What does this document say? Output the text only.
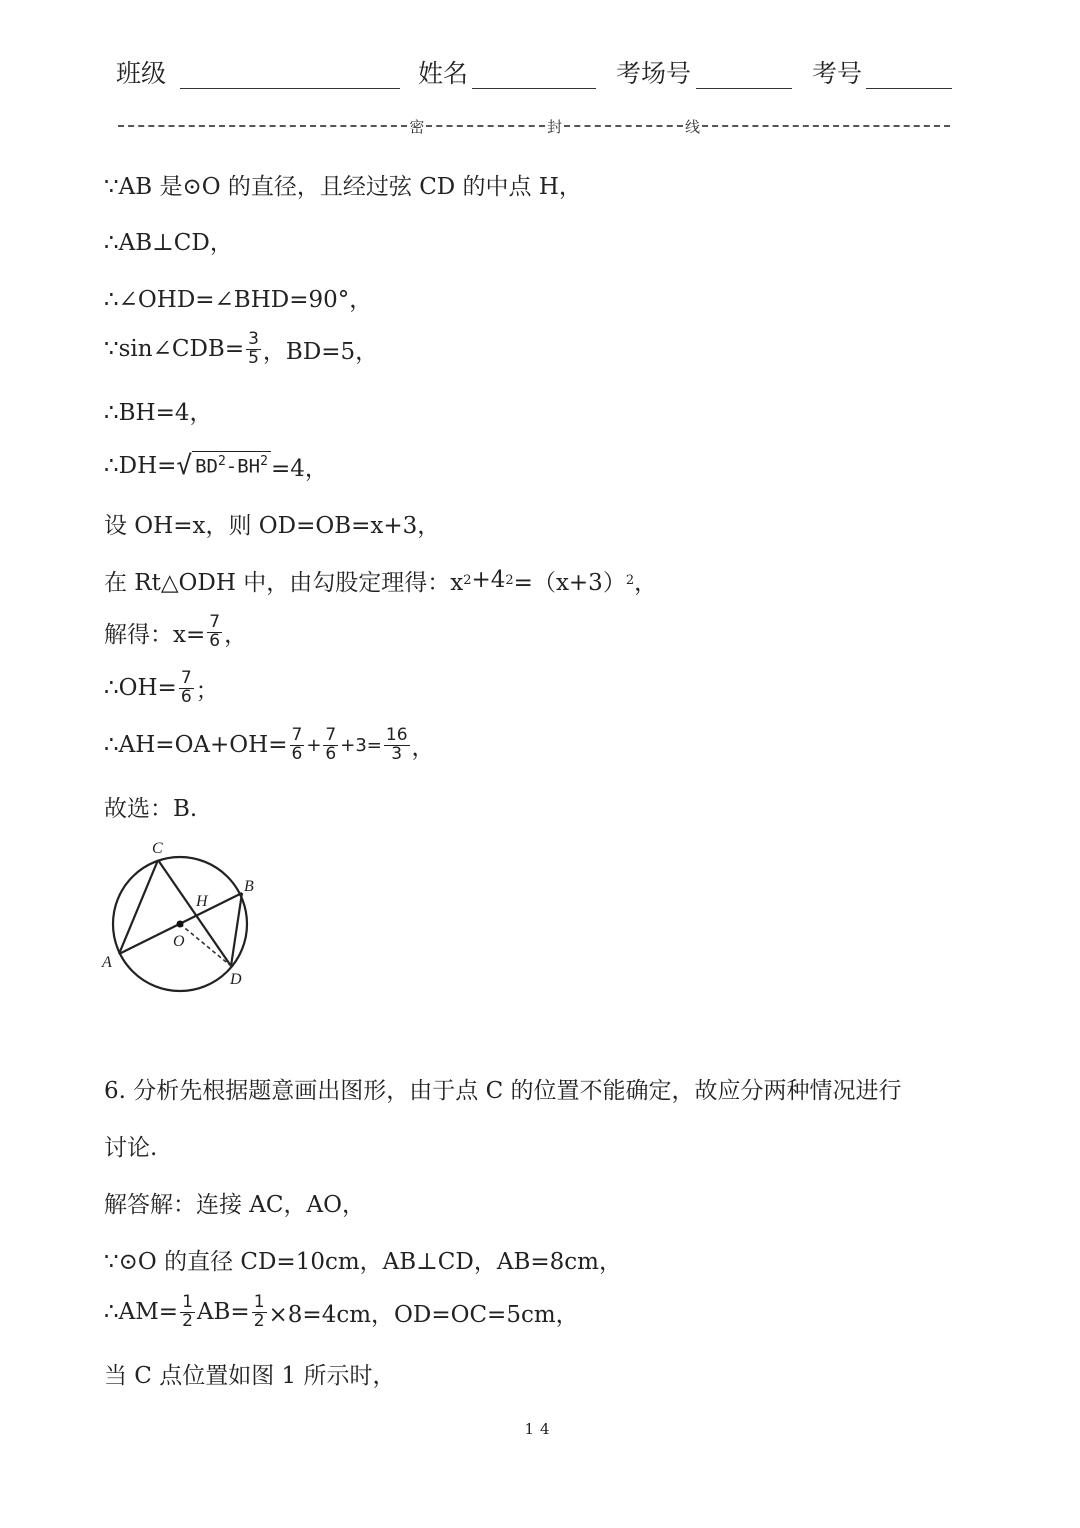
班级	姓名	考场号	考号
密	封	线
∵AB 是⊙O 的直径，且经过弦 CD 的中点 H，
∴AB⊥CD，
∴∠OHD=∠BHD=90°，
∵sin∠CDB= $\frac{3}{5}$ ，BD=5，
∴BH=4，
∴DH= √ $BD^2-BH^2 =4$，
设 OH=x，则 OD=OB=x+3，
在 Rt△ODH 中，由勾股定理得：x 2 +4 2 =（x+3） 2 ，
解得：$x= \frac{7}{6}$ ，
∴OH= $\frac{7}{6}$ ；
∴AH=OA+OH= $\frac{7}{6} + \frac{7}{6} +3= \frac{16}{3}$ ，
故选：B.
C
B
H
O
A
D
6. 分析先根据题意画出图形，由于点 C 的位置不能确定，故应分两种情况进行
讨论.
解答解：连接 AC，AO，
∵⊙O 的直径 CD=10cm，AB⊥CD，AB=8cm，
∴AM= $\frac{1}{2} AB= \frac{1}{2} \times 8=4cm$，OD=OC=5cm，
当 C 点位置如图 1 所示时，
14
